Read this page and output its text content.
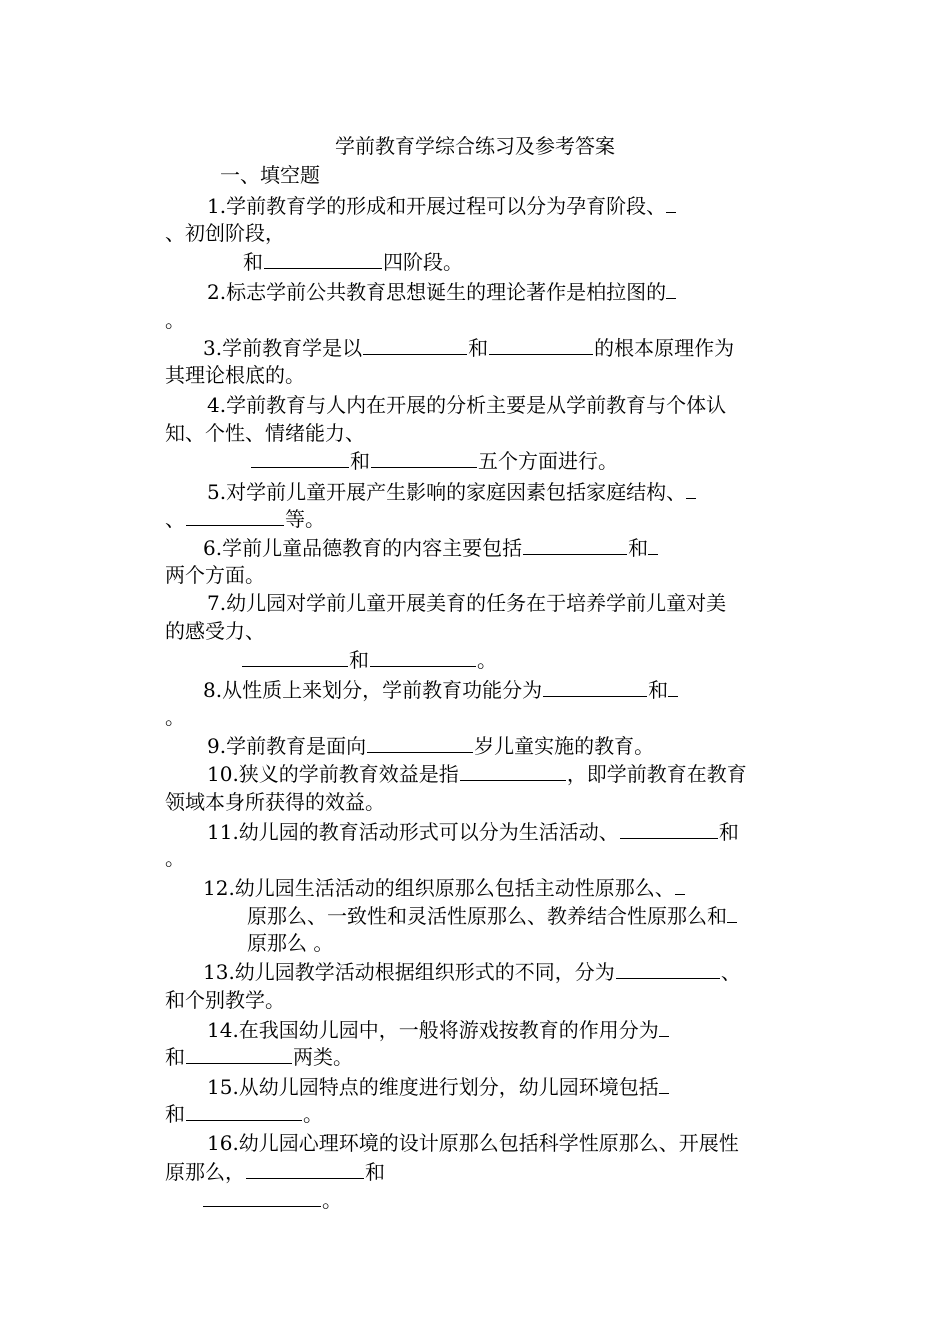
学前教育学综合练习及参考答案
一、填空题
1.学前教育学的形成和开展过程可以分为孕育阶段、
、初创阶段，
和	四阶段。
2.标志学前公共教育思想诞生的理论著作是柏拉图的
。
3.学前教育学是以	和	的根本原理作为
其理论根底的。
4.学前教育与人内在开展的分析主要是从学前教育与个体认
知、个性、情绪能力、
和	五个方面进行。
5.对学前儿童开展产生影响的家庭因素包括家庭结构、
、	等。
6.学前儿童品德教育的内容主要包括	和
两个方面。
7.幼儿园对学前儿童开展美育的任务在于培养学前儿童对美
的感受力、
和	。
8.从性质上来划分，学前教育功能分为	和
。
9.学前教育是面向	岁儿童实施的教育。
10.狭义的学前教育效益是指	，即学前教育在教育
领域本身所获得的效益。
11.幼儿园的教育活动形式可以分为生活活动、	和
。
12.幼儿园生活活动的组织原那么包括主动性原那么、
原那么、一致性和灵活性原那么、教养结合性原那么和
原那么 。
13.幼儿园教学活动根据组织形式的不同，分为	、
和个别教学。
14.在我国幼儿园中，一般将游戏按教育的作用分为
和	两类。
15.从幼儿园特点的维度进行划分，幼儿园环境包括
和	。
16.幼儿园心理环境的设计原那么包括科学性原那么、开展性
原那么，	和
。
